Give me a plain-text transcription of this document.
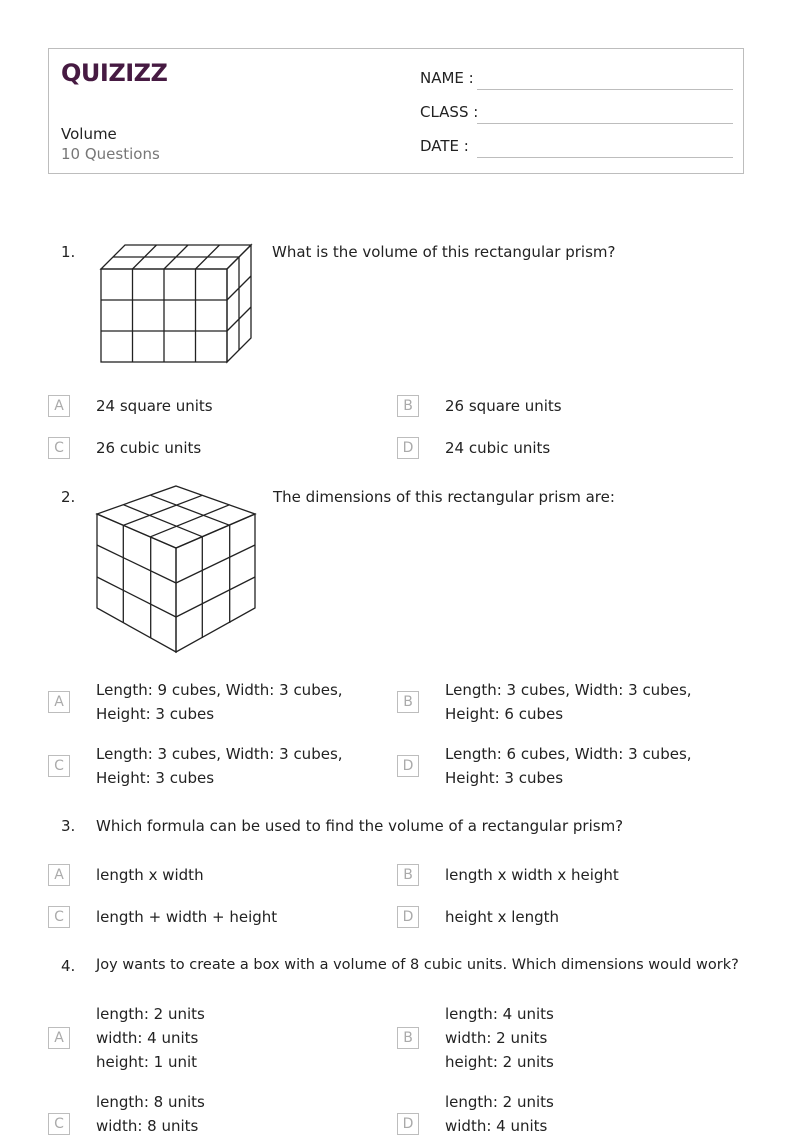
QUIZIZZ
Volume
10 Questions
NAME :
CLASS :
DATE :
1.	What is the volume of this rectangular prism?
A	24 square units	B	26 square units
C	26 cubic units	D	24 cubic units
2.	The dimensions of this rectangular prism are:
A
Length: 9 cubes, Width: 3 cubes, Height: 3 cubes
B
Length: 3 cubes, Width: 3 cubes, Height: 6 cubes
C
Length: 3 cubes, Width: 3 cubes, Height: 3 cubes
D
Length: 6 cubes, Width: 3 cubes, Height: 3 cubes
3. Which formula can be used to find the volume of a rectangular prism?
A	length x width	B	length x width x height
C	length + width + height	D	height x length
4. Joy wants to create a box with a volume of 8 cubic units. Which dimensions would work?
A
length: 2 units
width: 4 units
height: 1 unit
B
length: 4 units
width: 2 units
height: 2 units
C
length: 8 units
width: 8 units	D
length: 2 units
width: 4 units
